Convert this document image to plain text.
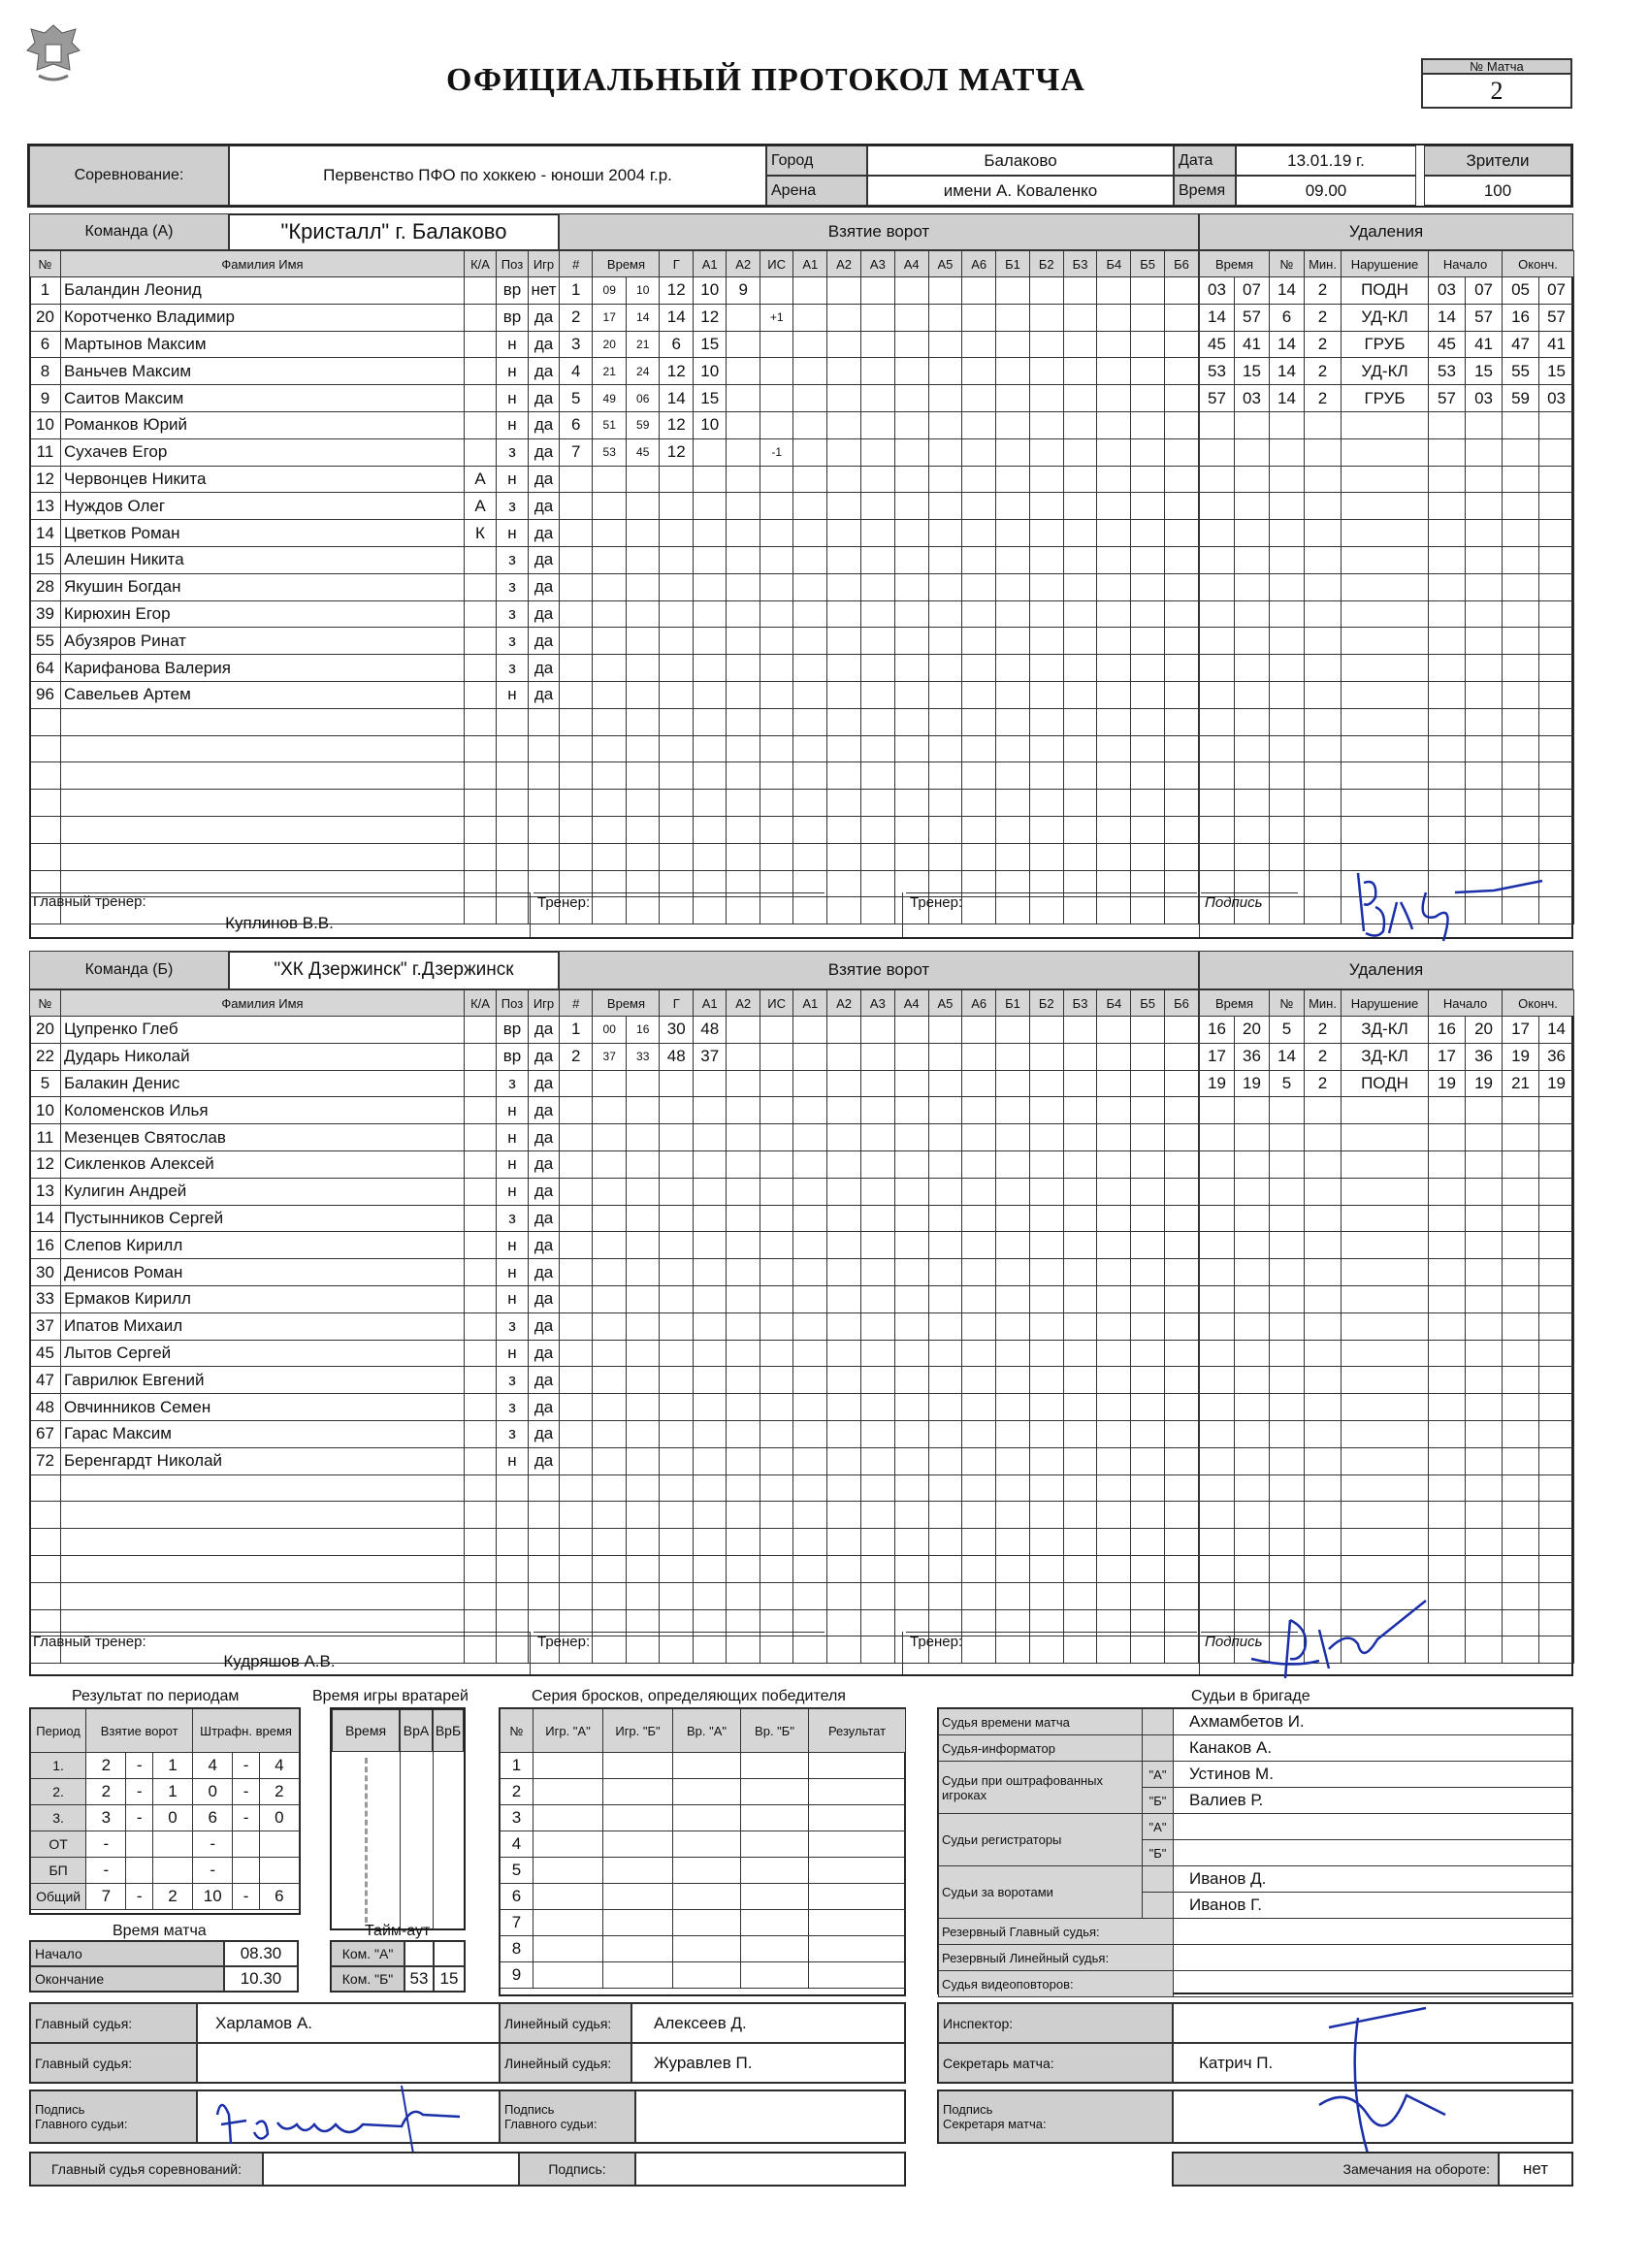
ОФИЦИАЛЬНЫЙ ПРОТОКОЛ МАТЧА	№ Матча
2
Соревнование:	Первенство ПФО по хоккею - юноши 2004 г.р.
Город	Балаково
Арена	имени А. Коваленко
Дата	13.01.19 г.
Время	09.00
Зрители
100
Команда (А)	"Кристалл" г. Балаково	Взятие ворот	Удаления
№	Фамилия Имя	К/А	Поз	Игр
1	Баландин Леонид		вр	нет
20	Коротченко Владимир		вр	да
6	Мартынов Максим		н	да
8	Ваньчев Максим		н	да
9	Саитов Максим		н	да
10	Романков Юрий		н	да
11	Сухачев Егор		з	да
12	Червонцев Никита	А	н	да
13	Нуждов Олег	А	з	да
14	Цветков Роман	К	н	да
15	Алешин Никита		з	да
28	Якушин Богдан		з	да
39	Кирюхин Егор		з	да
55	Абузяров Ринат		з	да
64	Карифанова Валерия		з	да
96	Савельев Артем		н	да

#	Время		Г	А1	А2	ИС	А1	А2	А3	А4	А5	А6	Б1	Б2	Б3	Б4	Б5	Б6
1	09	10	12	10	9													
2	17	14	14	12		+1												
3	20	21	6	15														
4	21	24	12	10														
5	49	06	14	15														
6	51	59	12	10														
7	53	45	12			-1												

Время		№	Мин.	Нарушение	Начало		Оконч.	
03	07	14	2	ПОДН	03	07	05	07
14	57	6	2	УД-КЛ	14	57	16	57
45	41	14	2	ГРУБ	45	41	47	41
53	15	14	2	УД-КЛ	53	15	55	15
57	03	14	2	ГРУБ	57	03	59	03

Главный тренер:
Куплинов В.В.
Тренер:	Тренер:	Подпись
Команда (Б)	"ХК Дзержинск" г.Дзержинск	Взятие ворот	Удаления
№	Фамилия Имя	К/А	Поз	Игр
20	Цупренко Глеб		вр	да
22	Дударь Николай		вр	да
5	Балакин Денис		з	да
10	Коломенсков Илья		н	да
11	Мезенцев Святослав		н	да
12	Сикленков Алексей		н	да
13	Кулигин Андрей		н	да
14	Пустынников Сергей		з	да
16	Слепов Кирилл		н	да
30	Денисов Роман		н	да
33	Ермаков Кирилл		н	да
37	Ипатов Михаил		з	да
45	Лытов Сергей		н	да
47	Гаврилюк Евгений		з	да
48	Овчинников Семен		з	да
67	Гарас Максим		з	да
72	Беренгардт Николай		н	да

#	Время		Г	А1	А2	ИС	А1	А2	А3	А4	А5	А6	Б1	Б2	Б3	Б4	Б5	Б6
1	00	16	30	48														
2	37	33	48	37														

Время		№	Мин.	Нарушение	Начало		Оконч.	
16	20	5	2	ЗД-КЛ	16	20	17	14
17	36	14	2	ЗД-КЛ	17	36	19	36
19	19	5	2	ПОДН	19	19	21	19

Главный тренер:
Кудряшов А.В.
Тренер:	Тренер:	Подпись
Результат по периодам
Период	Взятие ворот			Штрафн. время		
1.	2	-	1	4	-	4
2.	2	-	1	0	-	2
3.	3	-	0	6	-	0
ОТ	-			-		
БП	-			-		
Общий	7	-	2	10	-	6
Время игры вратарей
Время	ВрА ВрБ
Серия бросков, определяющих победителя
№	Игр. "А"	Игр. "Б"	Вр. "А"	Вр. "Б"	Результат
1					
2					
3					
4					
5					
6					
7					
8					
9					
Время матча
Начало	08.30
Окончание	10.30
Тайм-аут
Ком. "А"
Ком. "Б"	53 15
Судьи в бригаде
Судья времени матча		Ахмамбетов И.
Судья-информатор		Канаков А.
Судьи при оштрафованных игроках	"А"	Устинов М.
	"Б"	Валиев Р.
Судьи регистраторы	"А"	
	"Б"	
Судьи за воротами		Иванов Д.
		Иванов Г.
Резервный Главный судья:		
Резервный Линейный судья:		
Судья видеоповторов:		
Главный судья:	Харламов А.
Главный судья:
Линейный судья:	Алексеев Д.
Линейный судья:	Журавлев П.
Инспектор:
Секретарь матча:	Катрич П.
Подпись
Главного судьи:
Подпись
Главного судьи:
Подпись
Секретаря матча:
Главный судья соревнований:	Подпись:	Замечания на обороте:	нет
